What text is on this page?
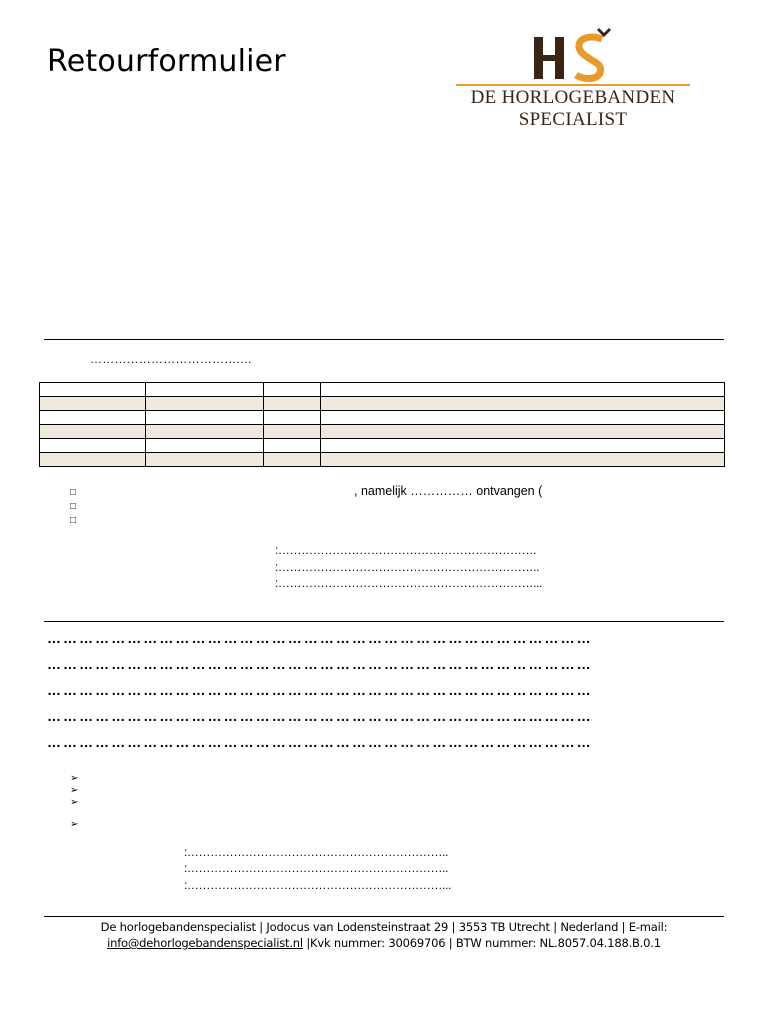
Retourformulier
DE HORLOGEBANDEN
SPECIALIST
……………………………….…

□
□
□
, namelijk …………… ontvangen (
:………………………………………………………….
:…………………………………………………………..
:…………………………………………………………...
…………………………………………………………………………………………
…………………………………………………………………………………………
…………………………………………………………………………………………
…………………………………………………………………………………………
…………………………………………………………………………………………
➢
➢
➢
➢
:…………………………………………………………..
:…………………………………………………………..
:…………………………………………………………...
De horlogebandenspecialist | Jodocus van Lodensteinstraat 29 | 3553 TB Utrecht | Nederland | E-mail:
info@dehorlogebandenspecialist.nl |Kvk nummer: 30069706 | BTW nummer: NL.8057.04.188.B.0.1
